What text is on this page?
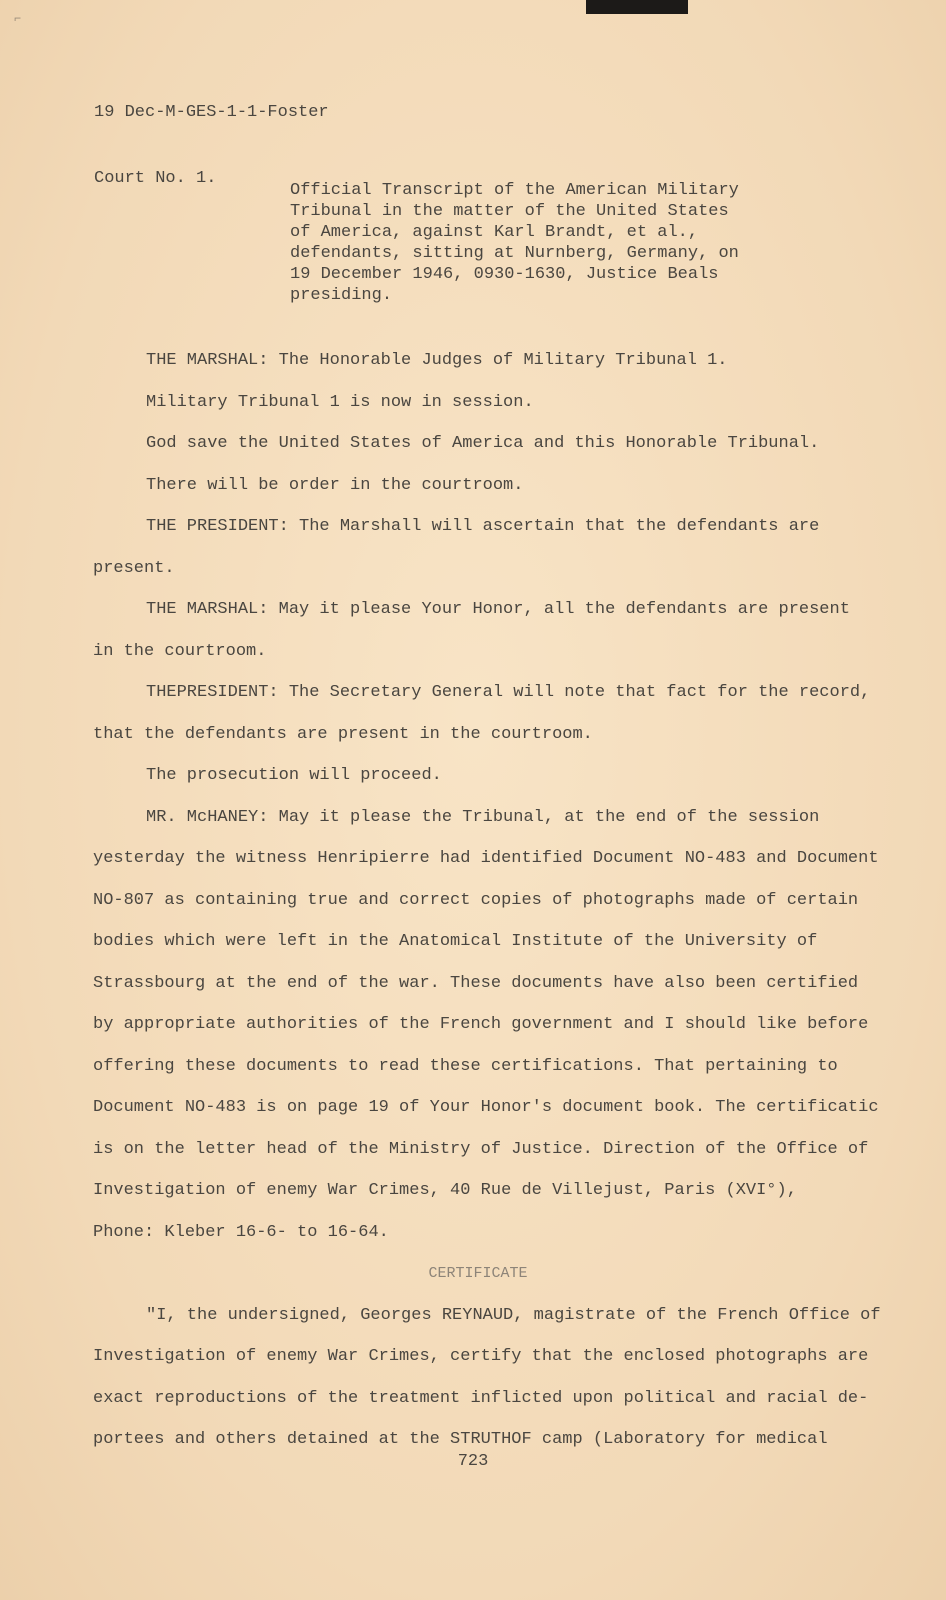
⌐

19 Dec-M-GES-1-1-Foster

Court No. 1.

Official Transcript of the American Military
Tribunal in the matter of the United States
of America, against Karl Brandt, et al.,
defendants, sitting at Nurnberg, Germany, on
19 December 1946, 0930-1630, Justice Beals
presiding.

THE MARSHAL: The Honorable Judges of Military Tribunal 1.

Military Tribunal 1 is now in session.

God save the United States of America and this Honorable Tribunal.

There will be order in the courtroom.

THE PRESIDENT: The Marshall will ascertain that the defendants are

present.

THE MARSHAL: May it please Your Honor, all the defendants are present

in the courtroom.

THEPRESIDENT: The Secretary General will note that fact for the record,

that the defendants are present in the courtroom.

The prosecution will proceed.

MR. McHANEY: May it please the Tribunal, at the end of the session

yesterday the witness Henripierre had identified Document NO-483 and Document

NO-807 as containing true and correct copies of photographs made of certain

bodies which were left in the Anatomical Institute of the University of

Strassbourg at the end of the war. These documents have also been certified

by appropriate authorities of the French government and I should like before

offering these documents to read these certifications. That pertaining to

Document NO-483 is on page 19 of Your Honor's document book. The certificatic

is on the letter head of the Ministry of Justice. Direction of the Office of

Investigation of enemy War Crimes, 40 Rue de Villejust, Paris (XVI°),

Phone: Kleber 16-6- to 16-64.

CERTIFICATE

"I, the undersigned, Georges REYNAUD, magistrate of the French Office of

Investigation of enemy War Crimes, certify that the enclosed photographs are

exact reproductions of the treatment inflicted upon political and racial de-

portees and others detained at the STRUTHOF camp (Laboratory for medical

723
